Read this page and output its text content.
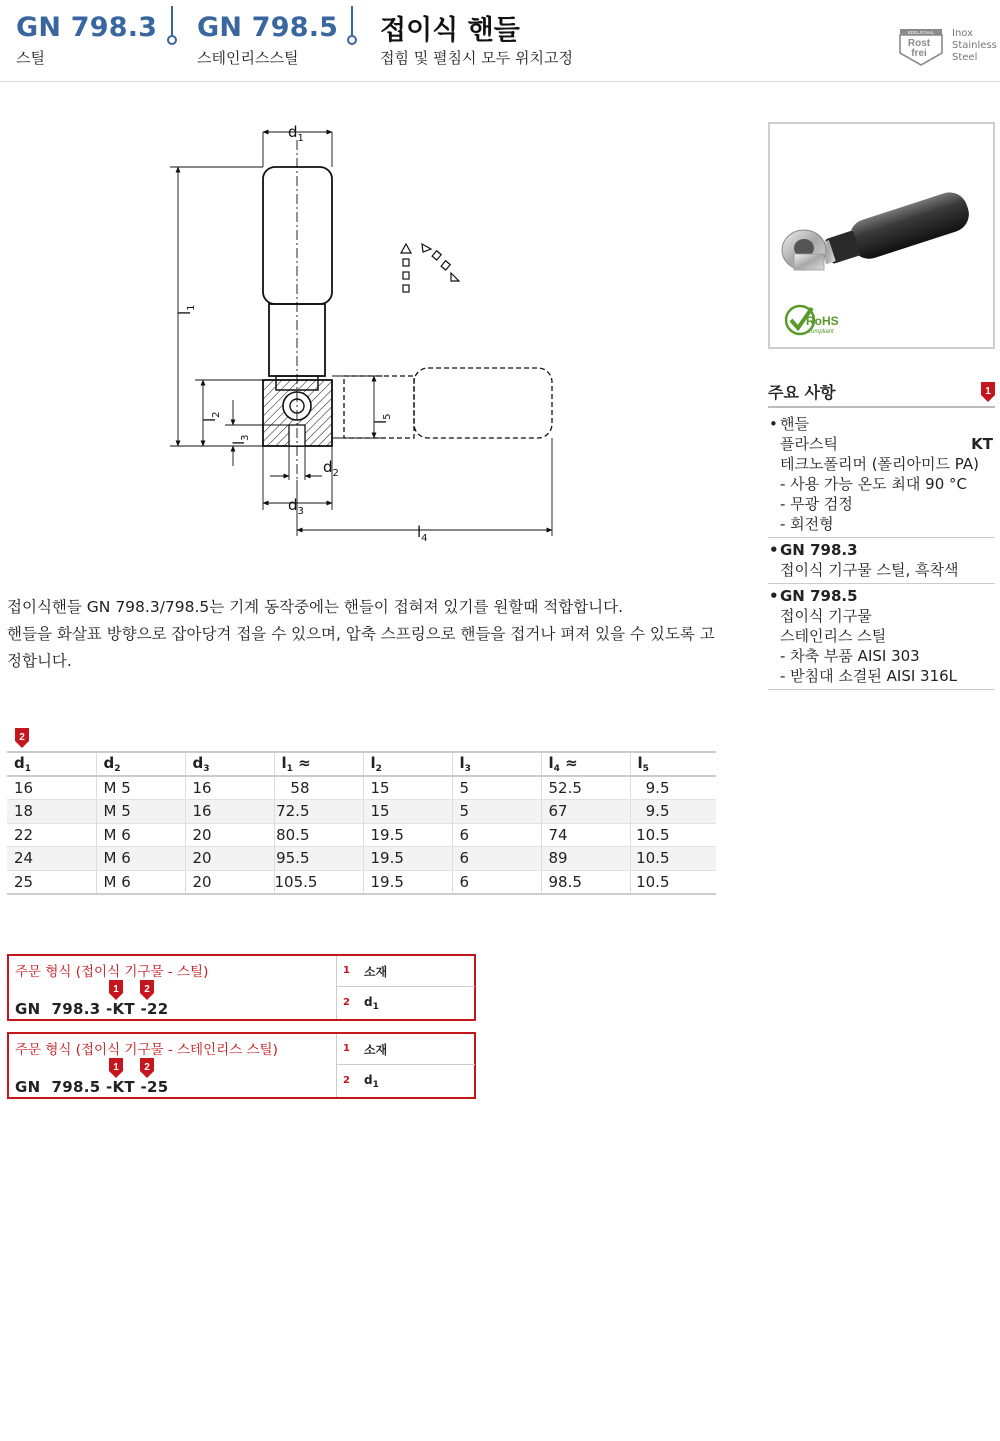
GN 798.3
스틸
GN 798.5
스테인리스스틸
접이식 핸들
접힘 및 펼침시 모두 위치고정
EDELSTAHL
Rost
frei
Inox
Stainless
Steel
$d_1$
$l_1$
$l_2$
$l_3$
$l_5$
$d_2$
$d_3$
$l_4$
RoHS
compliant
주요 사항	1
• 핸들
플라스틱	KT
테크노폴리머 (폴리아미드 PA)
- 사용 가능 온도 최대 90 °C
- 무광 검정
- 회전형
• GN 798.3
접이식 기구물 스틸, 흑착색
• GN 798.5
접이식 기구물
스테인리스 스틸
- 차축 부품 AISI 303
- 받침대 소결된 AISI 316L
접이식핸들 GN 798.3/798.5는 기계 동작중에는 핸들이 접혀져 있기를 원할때 적합합니다.
핸들을 화살표 방향으로 잡아당겨 접을 수 있으며, 압축 스프링으로 핸들을 접거나 펴져 있을 수 있도록 고
정합니다.
2
$d_1$	$d_2$	$d_3$	$l_1$ ≈	$l_2$	$l_3$	$l_4$ ≈	$l_5$
16	M 5	16	58	15	5	52.5	9.5
18	M 5	16	72.5	15	5	67	9.5
22	M 6	20	80.5	19.5	6	74	10.5
24	M 6	20	95.5	19.5	6	89	10.5
25	M 6	20	105.5	19.5	6	98.5	10.5
주문 형식 (접이식 기구물 - 스틸)
1	2
GN  798.3 -KT -22
1 소재
2 $d_1$
주문 형식 (접이식 기구물 - 스테인리스 스틸)
1	2
GN  798.5 -KT -25
1 소재
2 $d_1$
